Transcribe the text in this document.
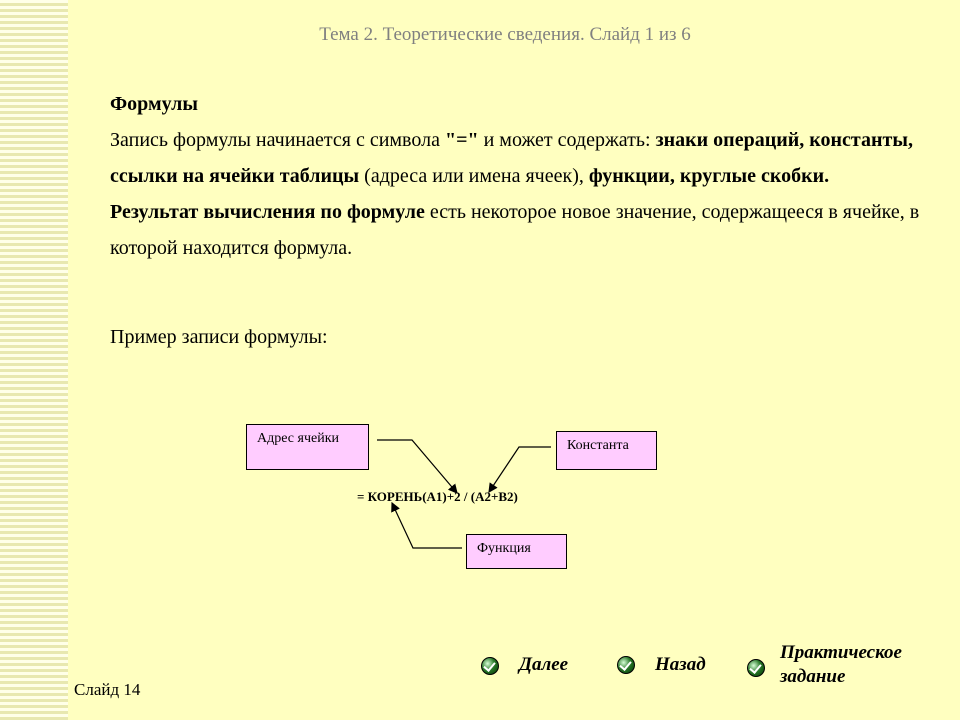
Тема 2. Теоретические сведения. Слайд 1 из 6

Формулы

Запись формулы начинается с символа "=" и может содержать: знаки операций, константы, ссылки на ячейки таблицы (адреса или имена ячеек), функции, круглые скобки.

Результат вычисления по формуле есть некоторое новое значение, содержащееся в ячейке, в которой находится формула.

Пример записи формулы:
Адрес ячейки	Константа
Функция
= КОРЕНЬ(А1)+2 / (А2+В2)
Далее	Назад
Практическое
задание
Слайд 14
